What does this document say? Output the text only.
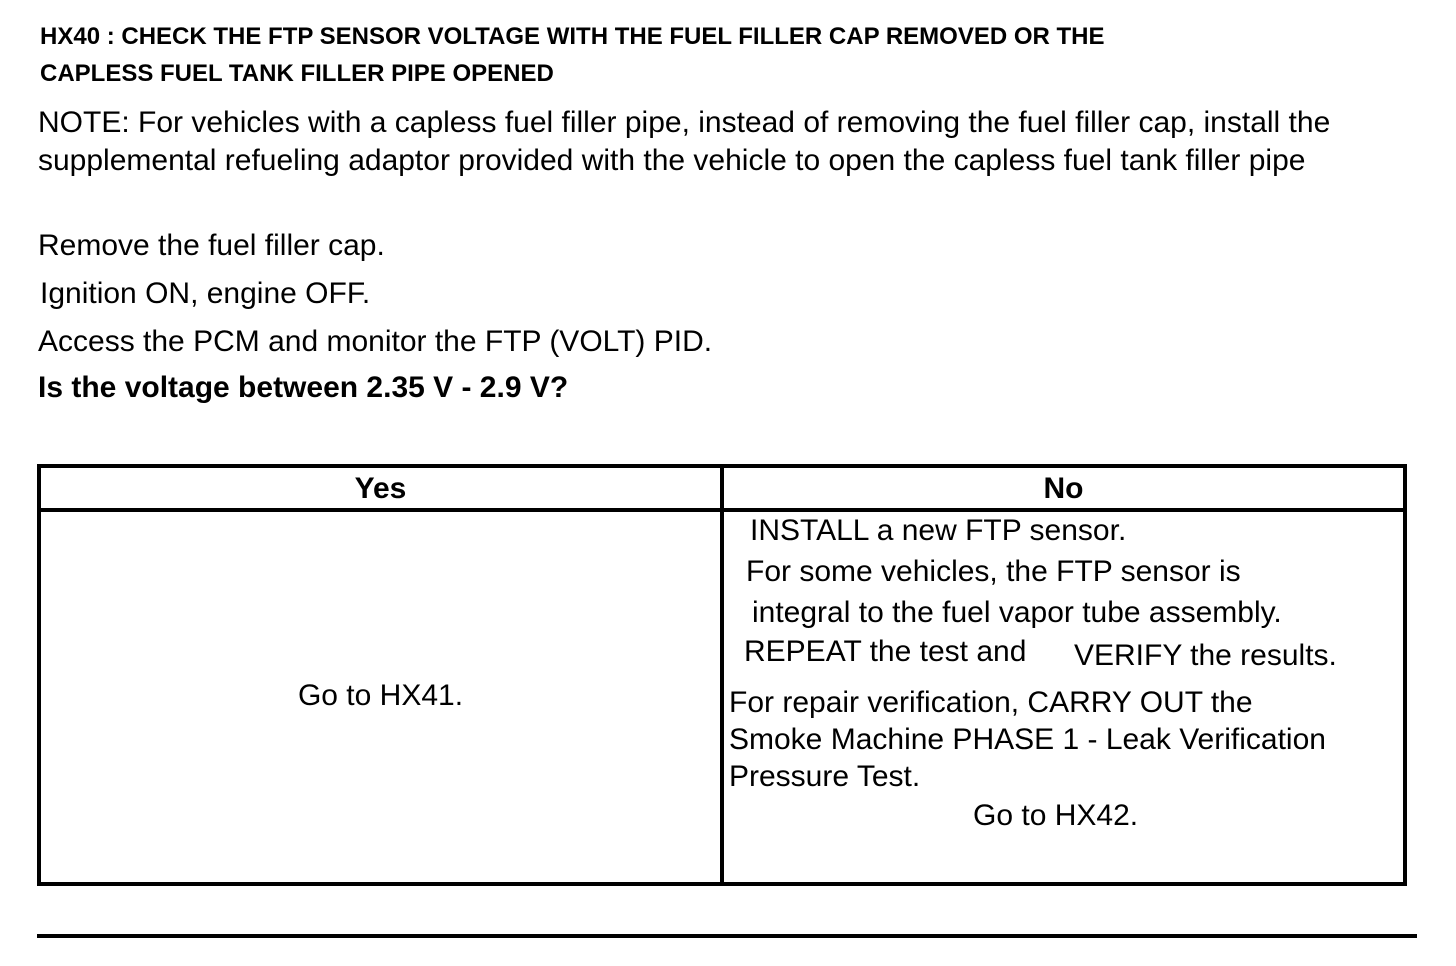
HX40 : CHECK THE FTP SENSOR VOLTAGE WITH THE FUEL FILLER CAP REMOVED OR THE
CAPLESS FUEL TANK FILLER PIPE OPENED
NOTE: For vehicles with a capless fuel filler pipe, instead of removing the fuel filler cap, install the supplemental refueling adaptor provided with the vehicle to open the capless fuel tank filler pipe
Remove the fuel filler cap.
Ignition ON, engine OFF.
Access the PCM and monitor the FTP (VOLT) PID.
Is the voltage between 2.35 V - 2.9 V?
Yes	No
Go to HX41.
INSTALL a new FTP sensor.
For some vehicles, the FTP sensor is
integral to the fuel vapor tube assembly.
REPEAT the test and VERIFY the results.
For repair verification, CARRY OUT the
Smoke Machine PHASE 1 - Leak Verification
Pressure Test.
Go to HX42.
